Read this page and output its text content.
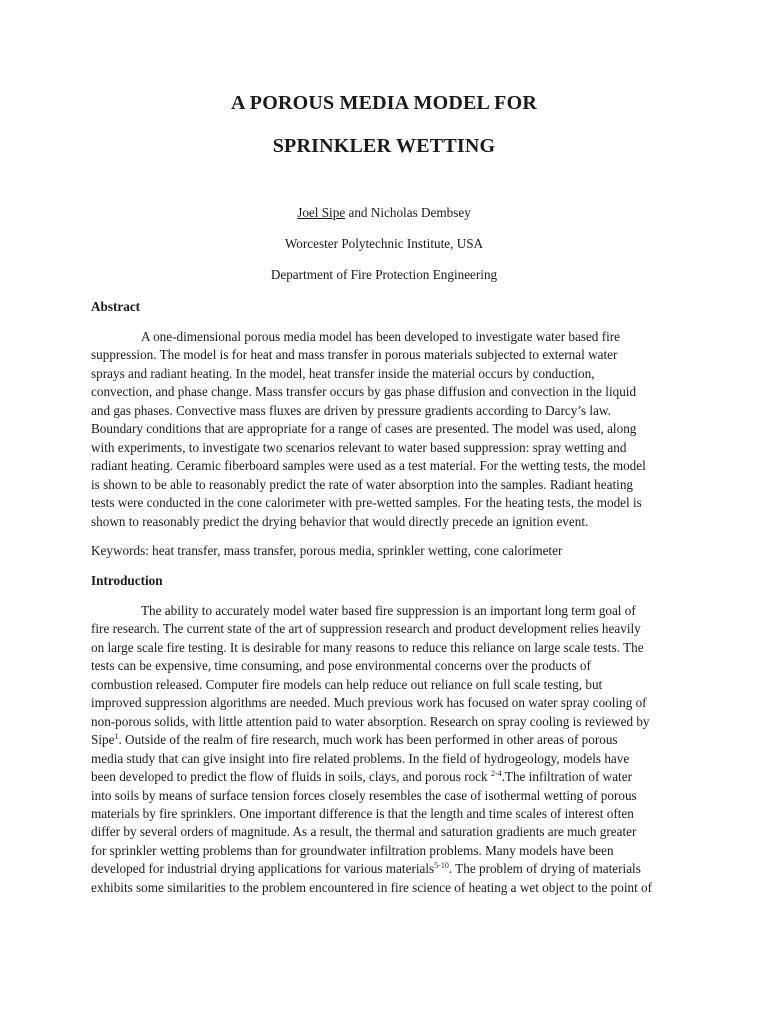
A POROUS MEDIA MODEL FOR
SPRINKLER WETTING

Joel Sipe and Nicholas Dembsey

Worcester Polytechnic Institute, USA

Department of Fire Protection Engineering

Abstract
A one-dimensional porous media model has been developed to investigate water based fire
suppression. The model is for heat and mass transfer in porous materials subjected to external water
sprays and radiant heating. In the model, heat transfer inside the material occurs by conduction,
convection, and phase change. Mass transfer occurs by gas phase diffusion and convection in the liquid
and gas phases. Convective mass fluxes are driven by pressure gradients according to Darcy’s law.
Boundary conditions that are appropriate for a range of cases are presented. The model was used, along
with experiments, to investigate two scenarios relevant to water based suppression: spray wetting and
radiant heating. Ceramic fiberboard samples were used as a test material. For the wetting tests, the model
is shown to be able to reasonably predict the rate of water absorption into the samples. Radiant heating
tests were conducted in the cone calorimeter with pre-wetted samples. For the heating tests, the model is
shown to reasonably predict the drying behavior that would directly precede an ignition event.

Keywords: heat transfer, mass transfer, porous media, sprinkler wetting, cone calorimeter

Introduction
The ability to accurately model water based fire suppression is an important long term goal of
fire research. The current state of the art of suppression research and product development relies heavily
on large scale fire testing. It is desirable for many reasons to reduce this reliance on large scale tests. The
tests can be expensive, time consuming, and pose environmental concerns over the products of
combustion released. Computer fire models can help reduce out reliance on full scale testing, but
improved suppression algorithms are needed. Much previous work has focused on water spray cooling of
non-porous solids, with little attention paid to water absorption. Research on spray cooling is reviewed by
Sipe$^1$. Outside of the realm of fire research, much work has been performed in other areas of porous
media study that can give insight into fire related problems. In the field of hydrogeology, models have
been developed to predict the flow of fluids in soils, clays, and porous rock $^{2-4}$.The infiltration of water
into soils by means of surface tension forces closely resembles the case of isothermal wetting of porous
materials by fire sprinklers. One important difference is that the length and time scales of interest often
differ by several orders of magnitude. As a result, the thermal and saturation gradients are much greater
for sprinkler wetting problems than for groundwater infiltration problems. Many models have been
developed for industrial drying applications for various materials$^{5-10}$. The problem of drying of materials
exhibits some similarities to the problem encountered in fire science of heating a wet object to the point of
